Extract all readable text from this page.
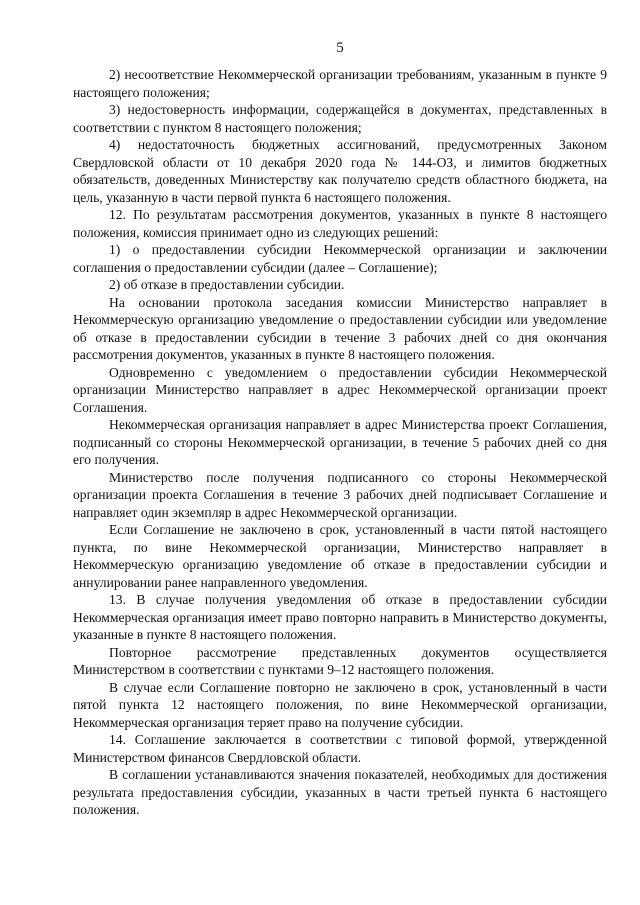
5

2) несоответствие Некоммерческой организации требованиям, указанным в пункте 9 настоящего положения;

3) недостоверность информации, содержащейся в документах, представленных в соответствии с пунктом 8 настоящего положения;

4) недостаточность бюджетных ассигнований, предусмотренных Законом Свердловской области от 10 декабря 2020 года № 144-ОЗ, и лимитов бюджетных обязательств, доведенных Министерству как получателю средств областного бюджета, на цель, указанную в части первой пункта 6 настоящего положения.

12. По результатам рассмотрения документов, указанных в пункте 8 настоящего положения, комиссия принимает одно из следующих решений:

1) о предоставлении субсидии Некоммерческой организации и заключении соглашения о предоставлении субсидии (далее – Соглашение);

2) об отказе в предоставлении субсидии.

На основании протокола заседания комиссии Министерство направляет в Некоммерческую организацию уведомление о предоставлении субсидии или уведомление об отказе в предоставлении субсидии в течение 3 рабочих дней со дня окончания рассмотрения документов, указанных в пункте 8 настоящего положения.

Одновременно с уведомлением о предоставлении субсидии Некоммерческой организации Министерство направляет в адрес Некоммерческой организации проект Соглашения.

Некоммерческая организация направляет в адрес Министерства проект Соглашения, подписанный со стороны Некоммерческой организации, в течение 5 рабочих дней со дня его получения.

Министерство после получения подписанного со стороны Некоммерческой организации проекта Соглашения в течение 3 рабочих дней подписывает Соглашение и направляет один экземпляр в адрес Некоммерческой организации.

Если Соглашение не заключено в срок, установленный в части пятой настоящего пункта, по вине Некоммерческой организации, Министерство направляет в Некоммерческую организацию уведомление об отказе в предоставлении субсидии и аннулировании ранее направленного уведомления.

13. В случае получения уведомления об отказе в предоставлении субсидии Некоммерческая организация имеет право повторно направить в Министерство документы, указанные в пункте 8 настоящего положения.

Повторное рассмотрение представленных документов осуществляется Министерством в соответствии с пунктами 9–12 настоящего положения.

В случае если Соглашение повторно не заключено в срок, установленный в части пятой пункта 12 настоящего положения, по вине Некоммерческой организации, Некоммерческая организация теряет право на получение субсидии.

14. Соглашение заключается в соответствии с типовой формой, утвержденной Министерством финансов Свердловской области.

В соглашении устанавливаются значения показателей, необходимых для достижения результата предоставления субсидии, указанных в части третьей пункта 6 настоящего положения.
